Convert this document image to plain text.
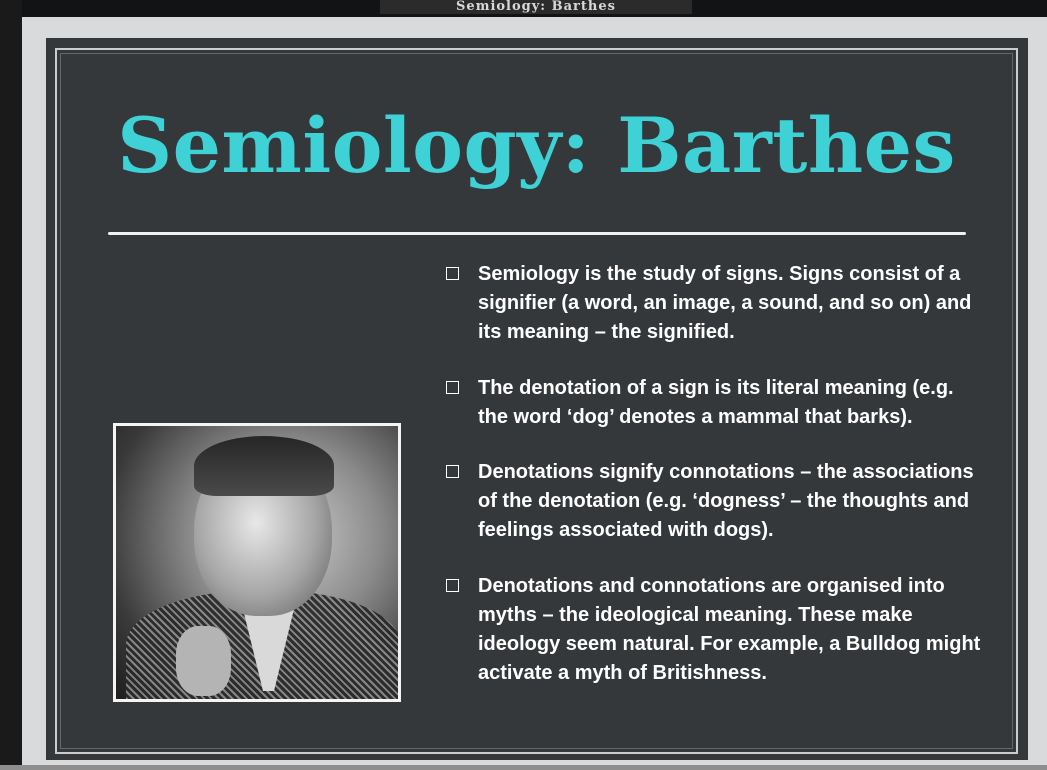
Semiology: Barthes
Semiology: Barthes
Semiology is the study of signs. Signs consist of a signifier (a word, an image, a sound, and so on) and its meaning – the signified.
The denotation of a sign is its literal meaning (e.g. the word ‘dog’ denotes a mammal that barks).
Denotations signify connotations – the associations of the denotation (e.g. ‘dogness’ – the thoughts and feelings associated with dogs).
Denotations and connotations are organised into myths – the ideological meaning. These make ideology seem natural. For example, a Bulldog might activate a myth of Britishness.
